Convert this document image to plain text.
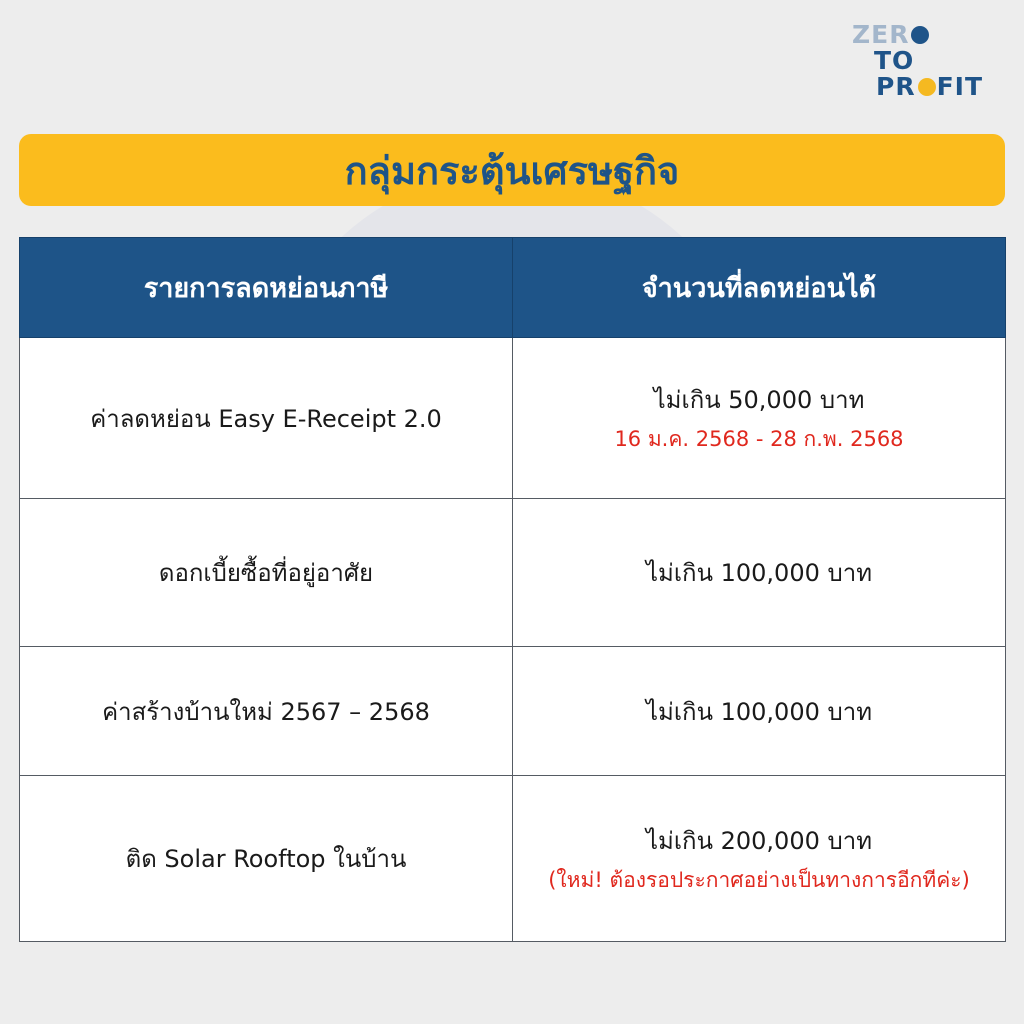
ZER
TO
PR FIT
กลุ่มกระตุ้นเศรษฐกิจ
รายการลดหย่อนภาษี	จำนวนที่ลดหย่อนได้
ค่าลดหย่อน Easy E-Receipt 2.0	ไม่เกิน 50,000 บาท
16 ม.ค. 2568 - 28 ก.พ. 2568

ดอกเบี้ยซื้อที่อยู่อาศัย	ไม่เกิน 100,000 บาท

ค่าสร้างบ้านใหม่ 2567 – 2568	ไม่เกิน 100,000 บาท

ติด Solar Rooftop ในบ้าน	ไม่เกิน 200,000 บาท
(ใหม่! ต้องรอประกาศอย่างเป็นทางการอีกทีค่ะ)
